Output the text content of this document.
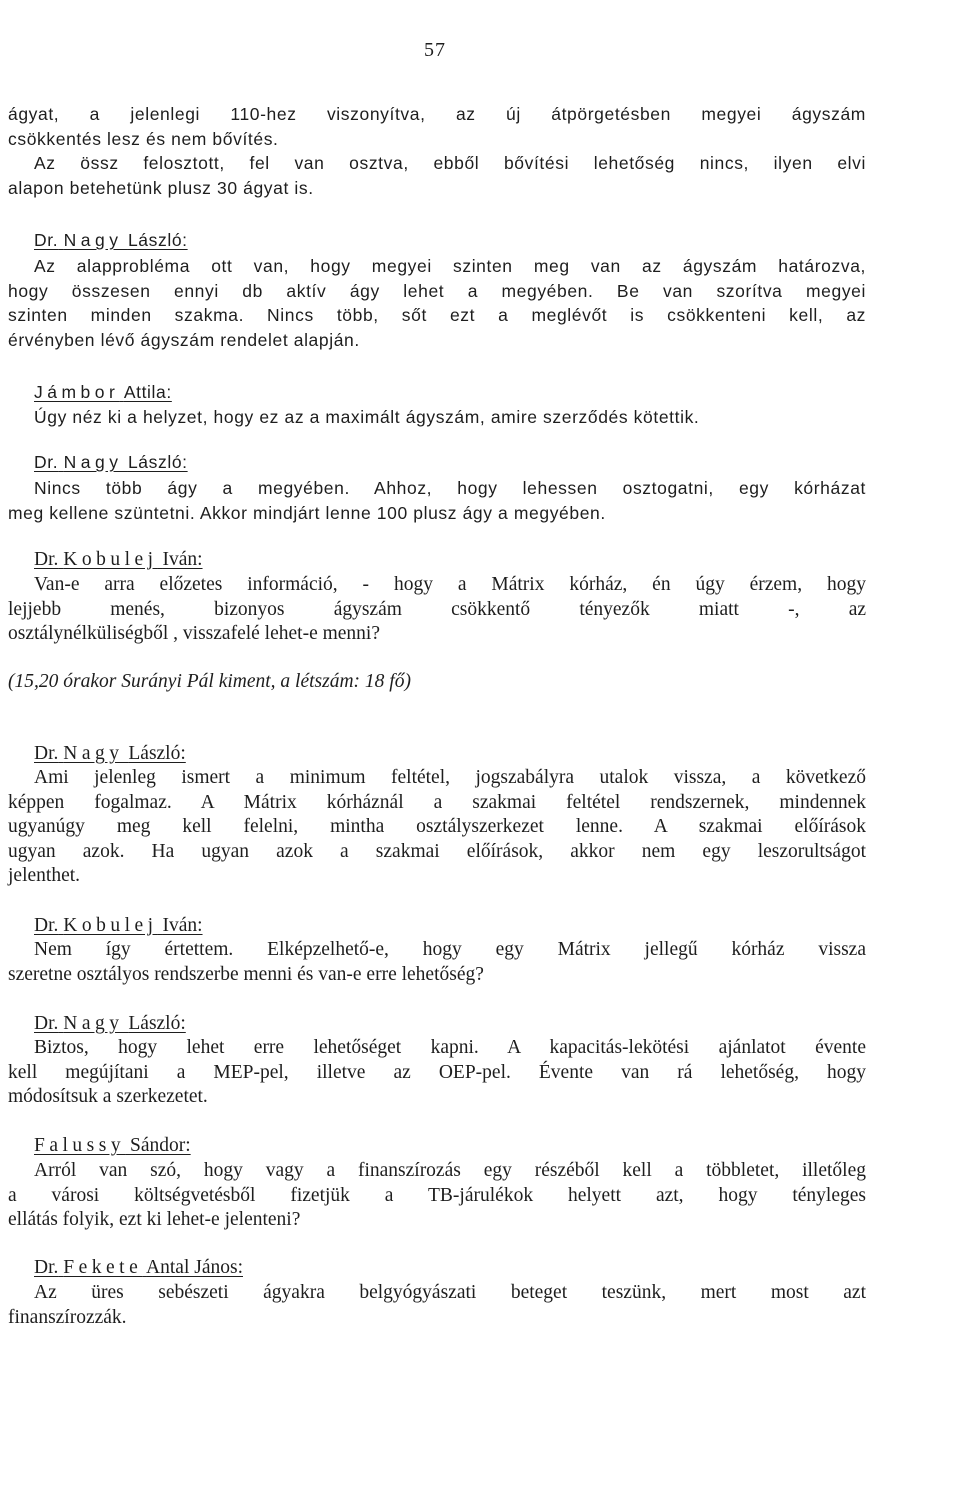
57
ágyat, a jelenlegi 110-hez viszonyítva, az új átpörgetésben megyei ágyszám
csökkentés lesz és nem bővítés.
Az össz felosztott, fel van osztva, ebből bővítési lehetőség nincs, ilyen elvi
alapon betehetünk plusz 30 ágyat is.
Dr. Nagy László:
Az alapprobléma ott van, hogy megyei szinten meg van az ágyszám határozva,
hogy összesen ennyi db aktív ágy lehet a megyében. Be van szorítva megyei
szinten minden szakma. Nincs több, sőt ezt a meglévőt is csökkenteni kell, az
érvényben lévő ágyszám rendelet alapján.
Jámbor Attila:
Úgy néz ki a helyzet, hogy ez az a maximált ágyszám, amire szerződés kötettik.
Dr. Nagy László:
Nincs több ágy a megyében. Ahhoz, hogy lehessen osztogatni, egy kórházat
meg kellene szüntetni. Akkor mindjárt lenne 100 plusz ágy a megyében.
Dr. Kobulej Iván:
Van-e arra előzetes információ, - hogy a Mátrix kórház, én úgy érzem, hogy
lejjebb menés, bizonyos ágyszám csökkentő tényezők miatt -, az
osztálynélküliségből , visszafelé lehet-e menni?
(15,20 órakor Surányi Pál kiment, a létszám: 18 fő)
Dr. Nagy László:
Ami jelenleg ismert a minimum feltétel, jogszabályra utalok vissza, a következő
képpen fogalmaz. A Mátrix kórháznál a szakmai feltétel rendszernek, mindennek
ugyanúgy meg kell felelni, mintha osztályszerkezet lenne. A szakmai előírások
ugyan azok. Ha ugyan azok a szakmai előírások, akkor nem egy leszorultságot
jelenthet.
Dr. Kobulej Iván:
Nem így értettem. Elképzelhető-e, hogy egy Mátrix jellegű kórház vissza
szeretne osztályos rendszerbe menni és van-e erre lehetőség?
Dr. Nagy László:
Biztos, hogy lehet erre lehetőséget kapni. A kapacitás-lekötési ajánlatot évente
kell megújítani a MEP-pel, illetve az OEP-pel. Évente van rá lehetőség, hogy
módosítsuk a szerkezetet.
Falussy Sándor:
Arról van szó, hogy vagy a finanszírozás egy részéből kell a többletet, illetőleg
a városi költségvetésből fizetjük a TB-járulékok helyett azt, hogy tényleges
ellátás folyik, ezt ki lehet-e jelenteni?
Dr. Fekete Antal János:
Az üres sebészeti ágyakra belgyógyászati beteget teszünk, mert most azt
finanszírozzák.
